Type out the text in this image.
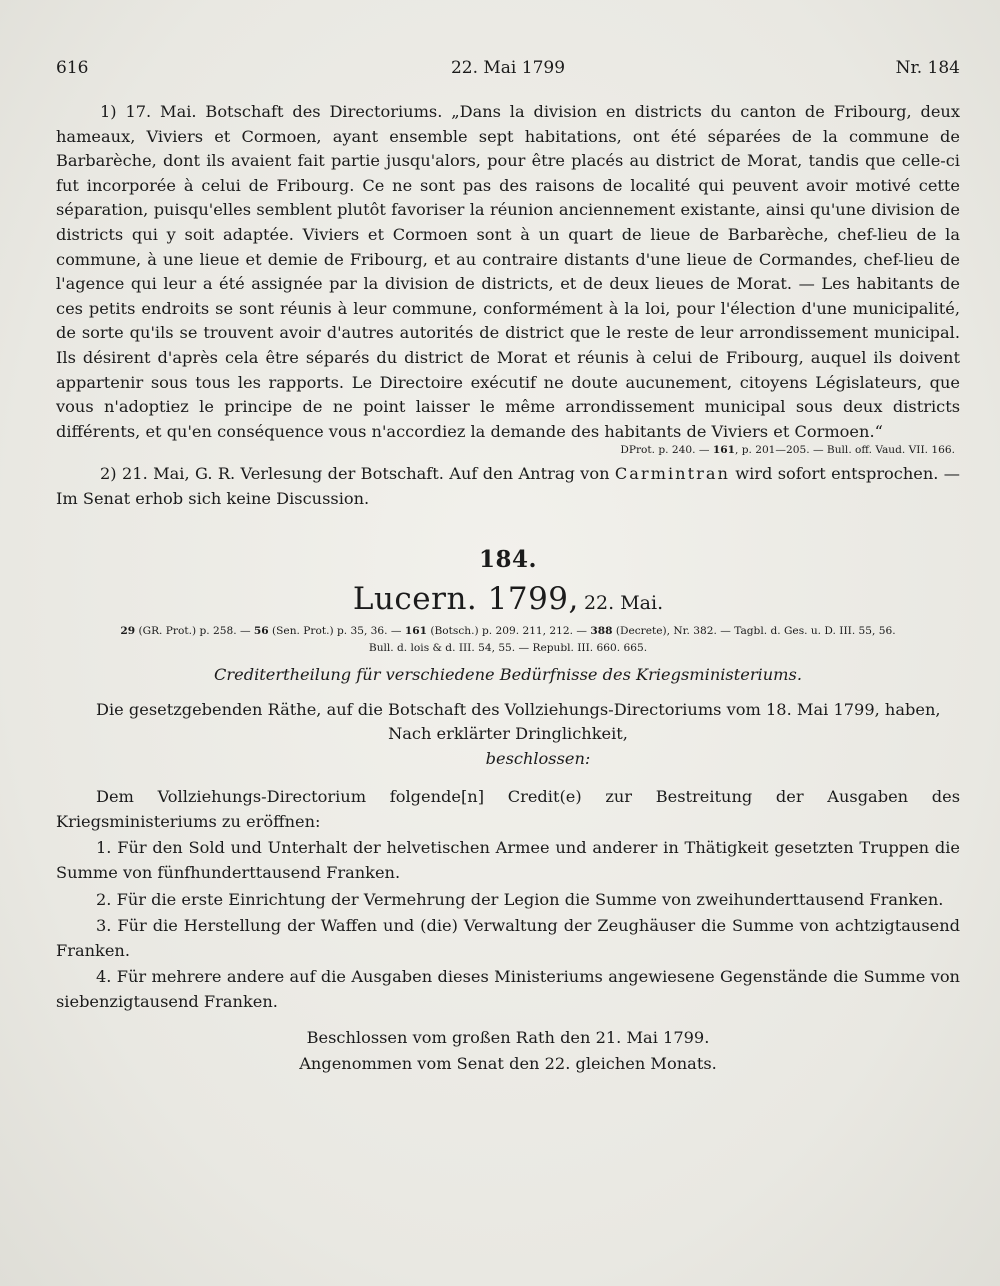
616	22. Mai 1799	Nr. 184

1) 17. Mai. Botschaft des Directoriums. „Dans la division en districts du canton de Fribourg, deux hameaux, Viviers et Cormoen, ayant ensemble sept habitations, ont été séparées de la commune de Barbarèche, dont ils avaient fait partie jusqu'alors, pour être placés au district de Morat, tandis que celle-ci fut incorporée à celui de Fribourg. Ce ne sont pas des raisons de localité qui peuvent avoir motivé cette séparation, puisqu'elles semblent plutôt favoriser la réunion anciennement existante, ainsi qu'une division de districts qui y soit adaptée. Viviers et Cormoen sont à un quart de lieue de Barbarèche, chef-lieu de la commune, à une lieue et demie de Fribourg, et au contraire distants d'une lieue de Cormandes, chef-lieu de l'agence qui leur a été assignée par la division de districts, et de deux lieues de Morat. — Les habitants de ces petits endroits se sont réunis à leur commune, conformément à la loi, pour l'élection d'une municipalité, de sorte qu'ils se trouvent avoir d'autres autorités de district que le reste de leur arrondissement municipal. Ils désirent d'après cela être séparés du district de Morat et réunis à celui de Fribourg, auquel ils doivent appartenir sous tous les rapports. Le Directoire exécutif ne doute aucunement, citoyens Législateurs, que vous n'adoptiez le principe de ne point laisser le même arrondissement municipal sous deux districts différents, et qu'en conséquence vous n'accordiez la demande des habitants de Viviers et Cormoen.“

DProt. p. 240. — 161, p. 201—205. — Bull. off. Vaud. VII. 166.

2) 21. Mai, G. R. Verlesung der Botschaft. Auf den Antrag von Carmintran wird sofort entsprochen. — Im Senat erhob sich keine Discussion.

184.
Lucern. 1799, 22. Mai.
29 (GR. Prot.) p. 258. — 56 (Sen. Prot.) p. 35, 36. — 161 (Botsch.) p. 209. 211, 212. — 388 (Decrete), Nr. 382. — Tagbl. d. Ges. u. D. III. 55, 56.
Bull. d. lois & d. III. 54, 55. — Republ. III. 660. 665.
Creditertheilung für verschiedene Bedürfnisse des Kriegsministeriums.

Die gesetzgebenden Räthe, auf die Botschaft des Vollziehungs-Directoriums vom 18. Mai 1799, haben,

Nach erklärter Dringlichkeit,
beschlossen:

Dem Vollziehungs-Directorium folgende[n] Credit(e) zur Bestreitung der Ausgaben des Kriegsministeriums zu eröffnen:

1. Für den Sold und Unterhalt der helvetischen Armee und anderer in Thätigkeit gesetzten Truppen die Summe von fünfhunderttausend Franken.

2. Für die erste Einrichtung der Vermehrung der Legion die Summe von zweihunderttausend Franken.

3. Für die Herstellung der Waffen und (die) Verwaltung der Zeughäuser die Summe von achtzigtausend Franken.

4. Für mehrere andere auf die Ausgaben dieses Ministeriums angewiesene Gegenstände die Summe von siebenzigtausend Franken.

Beschlossen vom großen Rath den 21. Mai 1799.
Angenommen vom Senat den 22. gleichen Monats.
